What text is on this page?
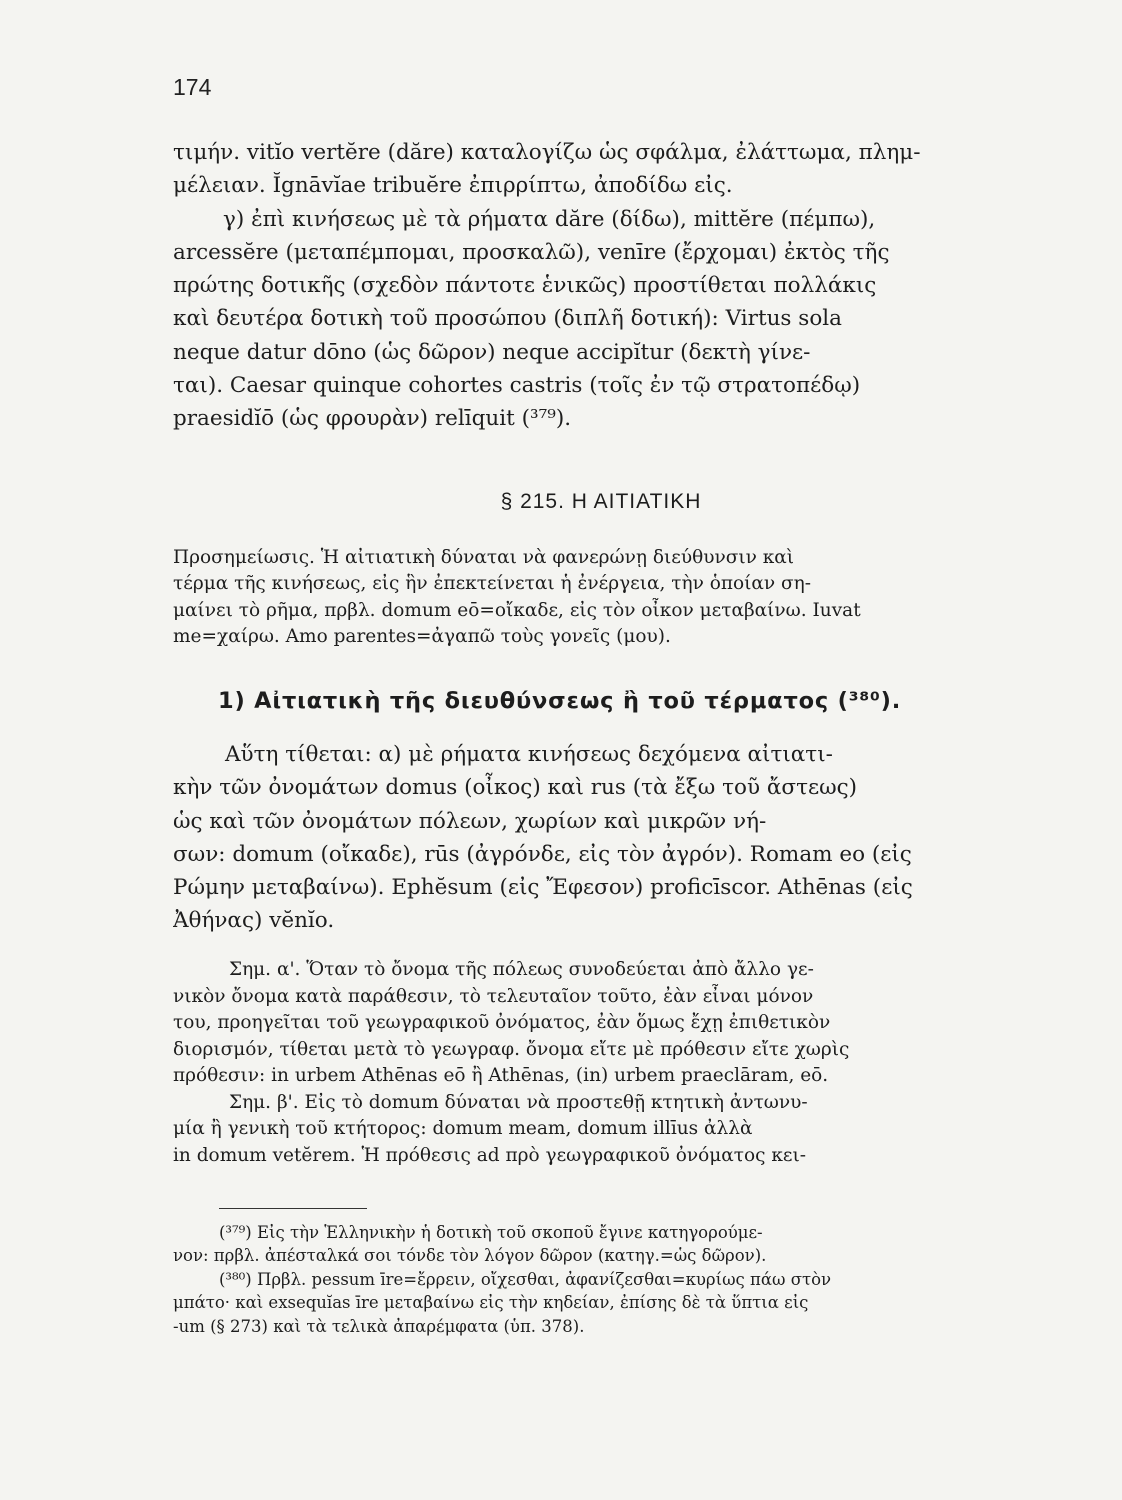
174
τιμήν. vitĭo vertĕre (dăre) καταλογίζω ὡς σφάλμα, ἐλάττωμα, πλημ-
μέλειαν. Ĭgnāvĭae tribuĕre ἐπιρρίπτω, ἀποδίδω εἰς.
γ) ἐπὶ κινήσεως μὲ τὰ ρήματα dăre (δίδω), mittĕre (πέμπω),
arcessĕre (μεταπέμπομαι, προσκαλῶ), venīre (ἔρχομαι) ἐκτὸς τῆς
πρώτης δοτικῆς (σχεδὸν πάντοτε ἑνικῶς) προστίθεται πολλάκις
καὶ δευτέρα δοτικὴ τοῦ προσώπου (διπλῆ δοτική): Virtus sola
neque datur dōno (ὡς δῶρον) neque accipĭtur (δεκτὴ γίνε-
ται). Caesar quinque cohortes castris (τοῖς ἐν τῷ στρατοπέδῳ)
praesidĭō (ὡς φρουρὰν) relīquit (³⁷⁹).
§ 215. Η ΑΙΤΙΑΤΙΚΗ
Προσημείωσις. Ἡ αἰτιατικὴ δύναται νὰ φανερώνῃ διεύθυνσιν καὶ
τέρμα τῆς κινήσεως, εἰς ἣν ἐπεκτείνεται ἡ ἐνέργεια, τὴν ὁποίαν ση-
μαίνει τὸ ρῆμα, πρβλ. domum eō=οἴκαδε, εἰς τὸν οἶκον μεταβαίνω. Iuvat
me=χαίρω. Amo parentes=ἀγαπῶ τοὺς γονεῖς (μου).
1) Αἰτιατικὴ τῆς διευθύνσεως ἢ τοῦ τέρματος (³⁸⁰).
Αὕτη τίθεται: α) μὲ ρήματα κινήσεως δεχόμενα αἰτιατι-
κὴν τῶν ὀνομάτων domus (οἶκος) καὶ rus (τὰ ἔξω τοῦ ἄστεως)
ὡς καὶ τῶν ὀνομάτων πόλεων, χωρίων καὶ μικρῶν νή-
σων: domum (οἴκαδε), rūs (ἀγρόνδε, εἰς τὸν ἀγρόν). Romam eo (εἰς
Ρώμην μεταβαίνω). Ephĕsum (εἰς Ἔφεσον) proficīscor. Athēnas (εἰς
Ἀθήνας) vĕnĭo.
Σημ. α'. Ὅταν τὸ ὄνομα τῆς πόλεως συνοδεύεται ἀπὸ ἄλλο γε-
νικὸν ὄνομα κατὰ παράθεσιν, τὸ τελευταῖον τοῦτο, ἐὰν εἶναι μόνον
του, προηγεῖται τοῦ γεωγραφικοῦ ὀνόματος, ἐὰν ὅμως ἔχῃ ἐπιθετικὸν
διορισμόν, τίθεται μετὰ τὸ γεωγραφ. ὄνομα εἴτε μὲ πρόθεσιν εἴτε χωρὶς
πρόθεσιν: in urbem Athēnas eō ἢ Athēnas, (in) urbem praeclāram, eō.
Σημ. β'. Εἰς τὸ domum δύναται νὰ προστεθῇ κτητικὴ ἀντωνυ-
μία ἢ γενικὴ τοῦ κτήτορος: domum meam, domum illīus ἀλλὰ
in domum vetĕrem. Ἡ πρόθεσις ad πρὸ γεωγραφικοῦ ὀνόματος κει-
(³⁷⁹) Εἰς τὴν Ἑλληνικὴν ἡ δοτικὴ τοῦ σκοποῦ ἔγινε κατηγορούμε-
νον: πρβλ. ἀπέσταλκά σοι τόνδε τὸν λόγον δῶρον (κατηγ.=ὡς δῶρον).
(³⁸⁰) Πρβλ. pessum īre=ἔρρειν, οἴχεσθαι, ἀφανίζεσθαι=κυρίως πάω στὸν
μπάτο· καὶ exsequĭas īre μεταβαίνω εἰς τὴν κηδείαν, ἐπίσης δὲ τὰ ὕπτια εἰς
-um (§ 273) καὶ τὰ τελικὰ ἀπαρέμφατα (ὑπ. 378).
